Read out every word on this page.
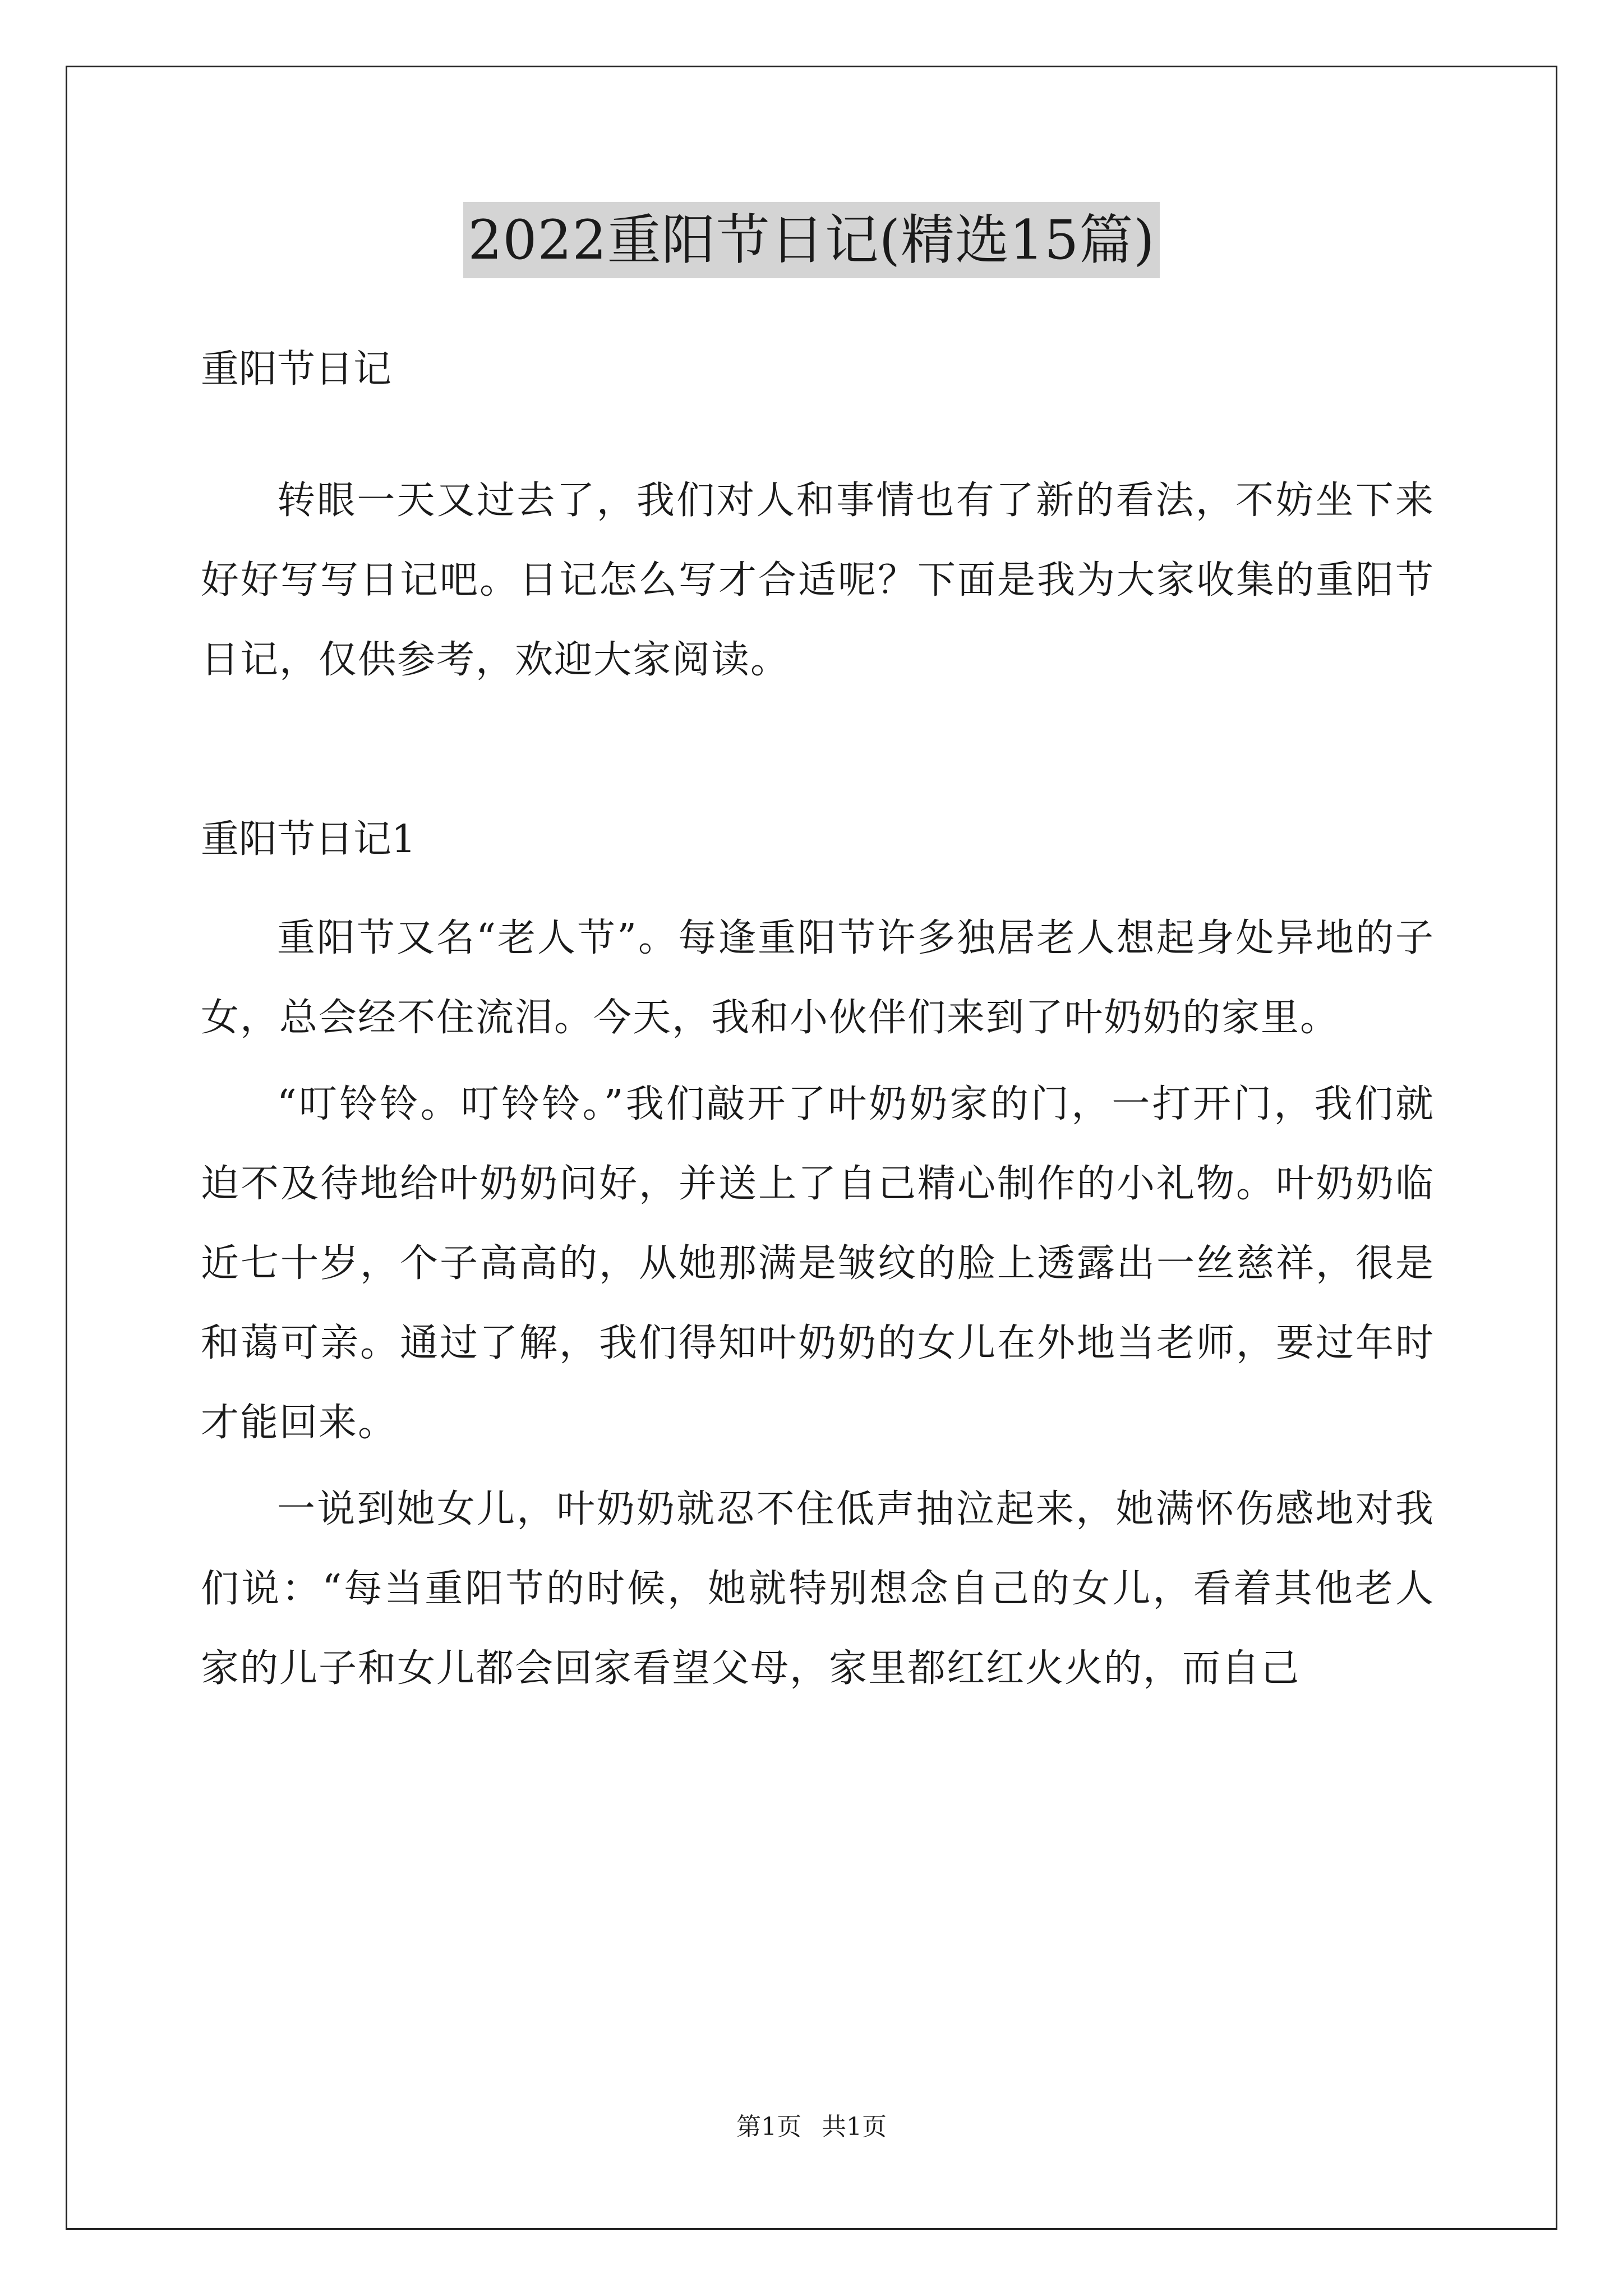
2022重阳节日记(精选15篇)

重阳节日记

转眼一天又过去了，我们对人和事情也有了新的看法，不妨坐下来好好写写日记吧。日记怎么写才合适呢？下面是我为大家收集的重阳节日记，仅供参考，欢迎大家阅读。

重阳节日记1

重阳节又名“老人节”。每逢重阳节许多独居老人想起身处异地的子女，总会经不住流泪。今天，我和小伙伴们来到了叶奶奶的家里。

“叮铃铃。叮铃铃。”我们敲开了叶奶奶家的门，一打开门，我们就迫不及待地给叶奶奶问好，并送上了自己精心制作的小礼物。叶奶奶临近七十岁，个子高高的，从她那满是皱纹的脸上透露出一丝慈祥，很是和蔼可亲。通过了解，我们得知叶奶奶的女儿在外地当老师，要过年时才能回来。

一说到她女儿，叶奶奶就忍不住低声抽泣起来，她满怀伤感地对我们说：“每当重阳节的时候，她就特别想念自己的女儿，看着其他老人家的儿子和女儿都会回家看望父母，家里都红红火火的，而自己

第1页 共1页
